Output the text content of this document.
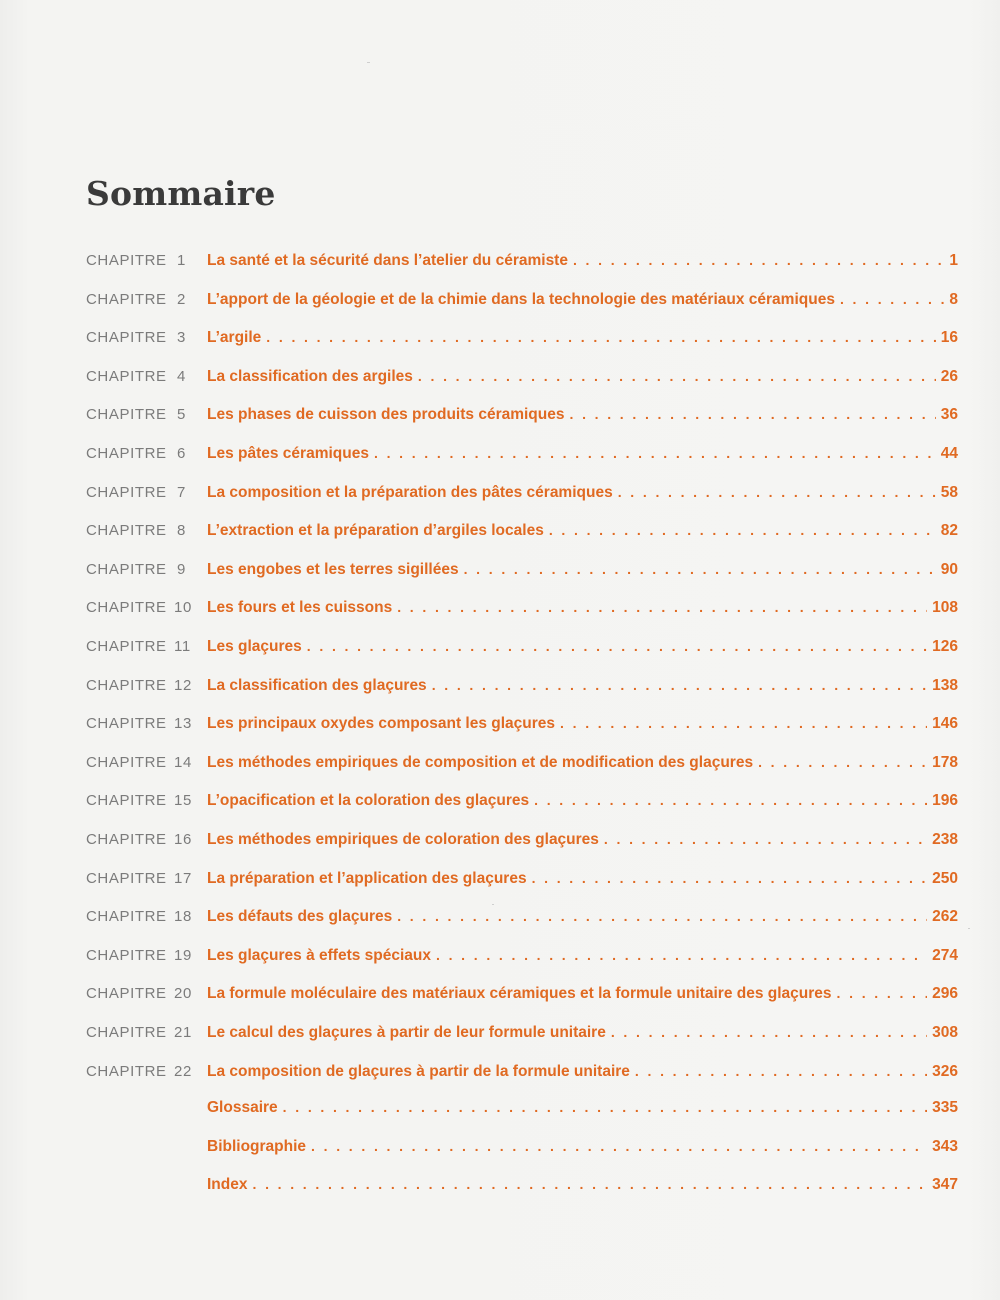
Sommaire
CHAPITRE 1 La santé et la sécurité dans l’atelier du céramiste . . .	1
CHAPITRE 2 L’apport de la géologie et de la chimie dans la technologie des matériaux céramiques . . .	8
CHAPITRE 3 L’argile . . .	16
CHAPITRE 4 La classification des argiles . . .	26
CHAPITRE 5 Les phases de cuisson des produits céramiques . . .	36
CHAPITRE 6 Les pâtes céramiques . . .	44
CHAPITRE 7 La composition et la préparation des pâtes céramiques . . .	58
CHAPITRE 8 L’extraction et la préparation d’argiles locales . . .	82
CHAPITRE 9 Les engobes et les terres sigillées . . .	90
CHAPITRE 10 Les fours et les cuissons . . .	108
CHAPITRE 11 Les glaçures . . .	126
CHAPITRE 12 La classification des glaçures . . .	138
CHAPITRE 13 Les principaux oxydes composant les glaçures . . .	146
CHAPITRE 14 Les méthodes empiriques de composition et de modification des glaçures . . .	178
CHAPITRE 15 L’opacification et la coloration des glaçures . . .	196
CHAPITRE 16 Les méthodes empiriques de coloration des glaçures . . .	238
CHAPITRE 17 La préparation et l’application des glaçures . . .	250
CHAPITRE 18 Les défauts des glaçures . . .	262
CHAPITRE 19 Les glaçures à effets spéciaux . . .	274
CHAPITRE 20 La formule moléculaire des matériaux céramiques et la formule unitaire des glaçures . . .	296
CHAPITRE 21 Le calcul des glaçures à partir de leur formule unitaire . . .	308
CHAPITRE 22 La composition de glaçures à partir de la formule unitaire . . .	326
Glossaire . . .	335
Bibliographie . . .	343
Index . . .	347
